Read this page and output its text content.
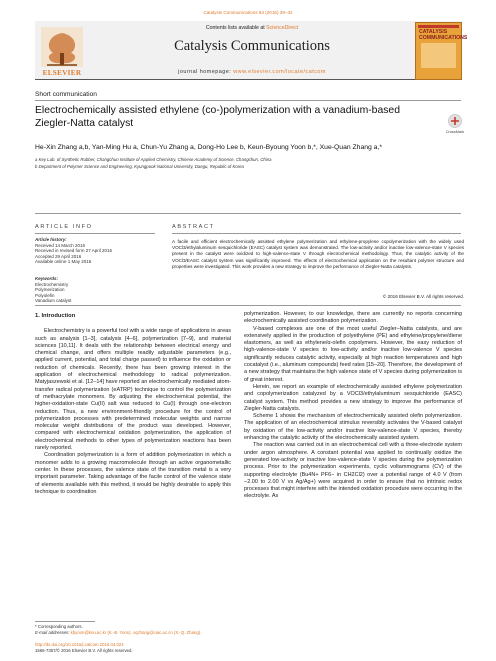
Catalysis Communications 83 (2016) 39–42
ELSEVIER
Contents lists available at ScienceDirect
Catalysis Communications
journal homepage: www.elsevier.com/locate/catcom
CATALYSIS COMMUNICATIONS
Short communication
Electrochemically assisted ethylene (co-)polymerization with a vanadium-based Ziegler-Natta catalyst
CrossMark
He-Xin Zhang a,b, Yan-Ming Hu a, Chun-Yu Zhang a, Dong-Ho Lee b, Keun-Byoung Yoon b,*, Xue-Quan Zhang a,*
a Key Lab. of Synthetic Rubber, Changchun Institute of Applied Chemistry, Chinese Academy of Science, Changchun, China
b Department of Polymer Science and Engineering, Kyungpook National University, Daegu, Republic of Korea
ARTICLE INFO
Article history:
Received 14 March 2016
Received in revised form 27 April 2016
Accepted 29 April 2016
Available online 1 May 2016
Keywords:
Electrochemistry
Polymerization
Polyolefin
Vanadium catalyst
ABSTRACT
A facile and efficient electrochemically assisted ethylene polymerization and ethylene-propylene copolymerization with the widely used VOCl3/ethylaluminum sesquichloride (EASC) catalyst system was demonstrated. The low-activity and/or inactive low-valence-state V species present in the catalyst were oxidized to high-valence-state V through electrochemical methodology. Thus, the catalytic activity of the VOCl3/EASC catalyst system was significantly improved. The effects of electrochemical application on the resultant polymer structure and properties were investigated. This work provides a new strategy to improve the performance of Ziegler-Natta catalysts.
© 2016 Elsevier B.V. All rights reserved.
1. Introduction

Electrochemistry is a powerful tool with a wide range of applications in areas such as analysis [1–3], catalysis [4–6], polymerization [7–9], and material sciences [10,11]. It deals with the relationship between electrical energy and chemical change, and offers multiple readily adjustable parameters (e.g., applied current, potential, and total charge passed) to influence the oxidation or reduction of chemicals. Recently, there has been growing interest in the application of electrochemical methodology to radical polymerization. Matyjaszewski et al. [12–14] have reported an electrochemically mediated atom-transfer radical polymerization (eATRP) technique to control the polymerization of methacrylate monomers. By adjusting the electrochemical potential, the higher-oxidation-state Cu(II) salt was reduced to Cu(I) through one-electron reduction. Thus, a new environment-friendly procedure for the control of polymerization processes with predetermined molecular weights and narrow molecular weight distributions of the product was developed. However, compared with electrochemical oxidation polymerization, the application of electrochemical methods to other types of polymerization reactions has been rarely reported.

Coordination polymerization is a form of addition polymerization in which a monomer adds to a growing macromolecule through an active organometallic center. In these processes, the valence state of the transition metal is a very important parameter. Taking advantage of the facile control of the valence state of elements available with this method, it would be highly desirable to apply this technique to coordination

polymerization. However, to our knowledge, there are currently no reports concerning electrochemically assisted coordination polymerization.

V-based complexes are one of the most useful Ziegler–Natta catalysts, and are extensively applied in the production of polyethylene (PE) and ethylene/propylene/diene elastomers, as well as ethylene/α-olefin copolymers. However, the easy reduction of high-valence-state V species to low-activity and/or inactive low-valence V species significantly reduces catalytic activity, especially at high reaction temperatures and high cocatalyst (i.e., aluminum compounds) feed rates [15–20]. Therefore, the development of a new strategy that maintains the high valence state of V species during polymerization is of great interest.

Herein, we report an example of electrochemically assisted ethylene polymerization and copolymerization catalyzed by a VOCl3/ethylaluminum sesquichloride (EASC) catalyst system. This method provides a new strategy to improve the performance of Ziegler-Natta catalysts.

Scheme 1 shows the mechanism of electrochemically assisted olefin polymerization. The application of an electrochemical stimulus reversibly activates the V-based catalyst by oxidation of the low-activity and/or inactive low-valence-state V species, thereby enhancing the catalytic activity of the electrochemically assisted system.

The reaction was carried out in an electrochemical cell with a three-electrode system under argon atmosphere. A constant potential was applied to continually oxidize the generated low-activity or inactive low-valence-state V species during the polymerization process. Prior to the polymerization experiments, cyclic voltammograms (CV) of the supporting electrolyte (Bu4N+ PF6− in CH2Cl2) over a potential range of 4.0 V (from −2.00 to 2.00 V vs Ag/Ag+) were acquired in order to ensure that no intrinsic redox processes that might interfere with the intended oxidation procedure were occurring in the electrolyte. As

* Corresponding authors.
E-mail addresses: kbyoon@knu.ac.kr (K.-B. Yoon), xqzhang@ciac.ac.cn (X.-Q. Zhang).
http://dx.doi.org/10.1016/j.catcom.2016.04.024
1566-7367/© 2016 Elsevier B.V. All rights reserved.
